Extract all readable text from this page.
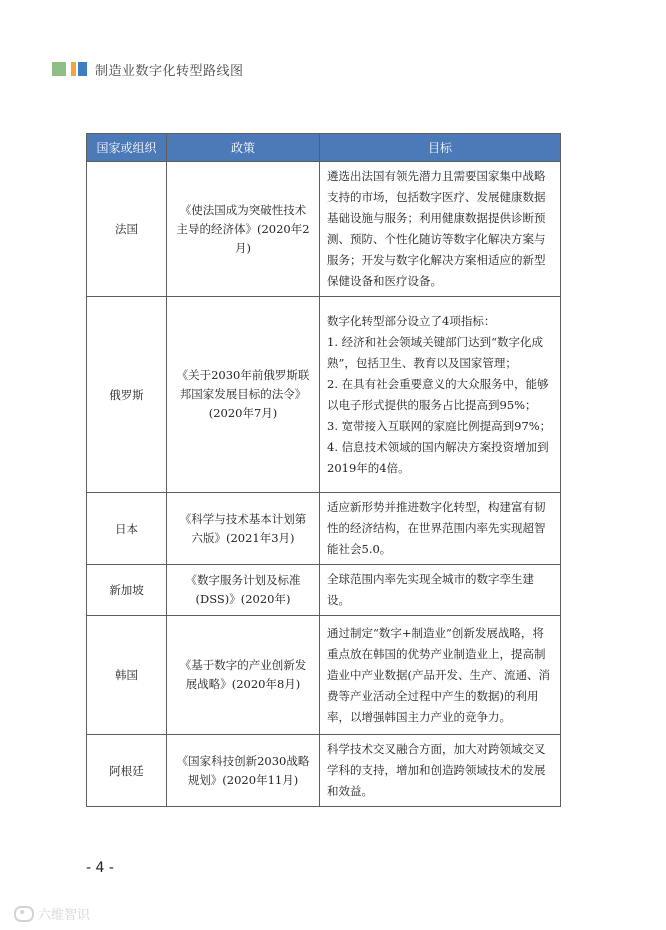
制造业数字化转型路线图
国家或组织	政策	目标
法国	《使法国成为突破性技术主导的经济体》(2020年2月)	遴选出法国有领先潜力且需要国家集中战略支持的市场，包括数字医疗、发展健康数据基础设施与服务；利用健康数据提供诊断预测、预防、个性化随访等数字化解决方案与服务；开发与数字化解决方案相适应的新型保健设备和医疗设备。

俄罗斯	《关于2030年前俄罗斯联邦国家发展目标的法令》(2020年7月)	数字化转型部分设立了4项指标：
1. 经济和社会领域关键部门达到“数字化成熟”，包括卫生、教育以及国家管理；
2. 在具有社会重要意义的大众服务中，能够以电子形式提供的服务占比提高到95%；
3. 宽带接入互联网的家庭比例提高到97%；
4. 信息技术领域的国内解决方案投资增加到2019年的4倍。

日本	《科学与技术基本计划第六版》(2021年3月)	适应新形势并推进数字化转型，构建富有韧性的经济结构，在世界范围内率先实现超智能社会5.0。

新加坡	《数字服务计划及标准(DSS)》(2020年)	全球范围内率先实现全城市的数字孪生建设。

韩国	《基于数字的产业创新发展战略》(2020年8月)	通过制定“数字+制造业”创新发展战略，将重点放在韩国的优势产业制造业上，提高制造业中产业数据(产品开发、生产、流通、消费等产业活动全过程中产生的数据)的利用率，以增强韩国主力产业的竞争力。

阿根廷	《国家科技创新2030战略规划》(2020年11月)	科学技术交叉融合方面，加大对跨领域交叉学科的支持，增加和创造跨领域技术的发展和效益。
- 4 -
六维智识
